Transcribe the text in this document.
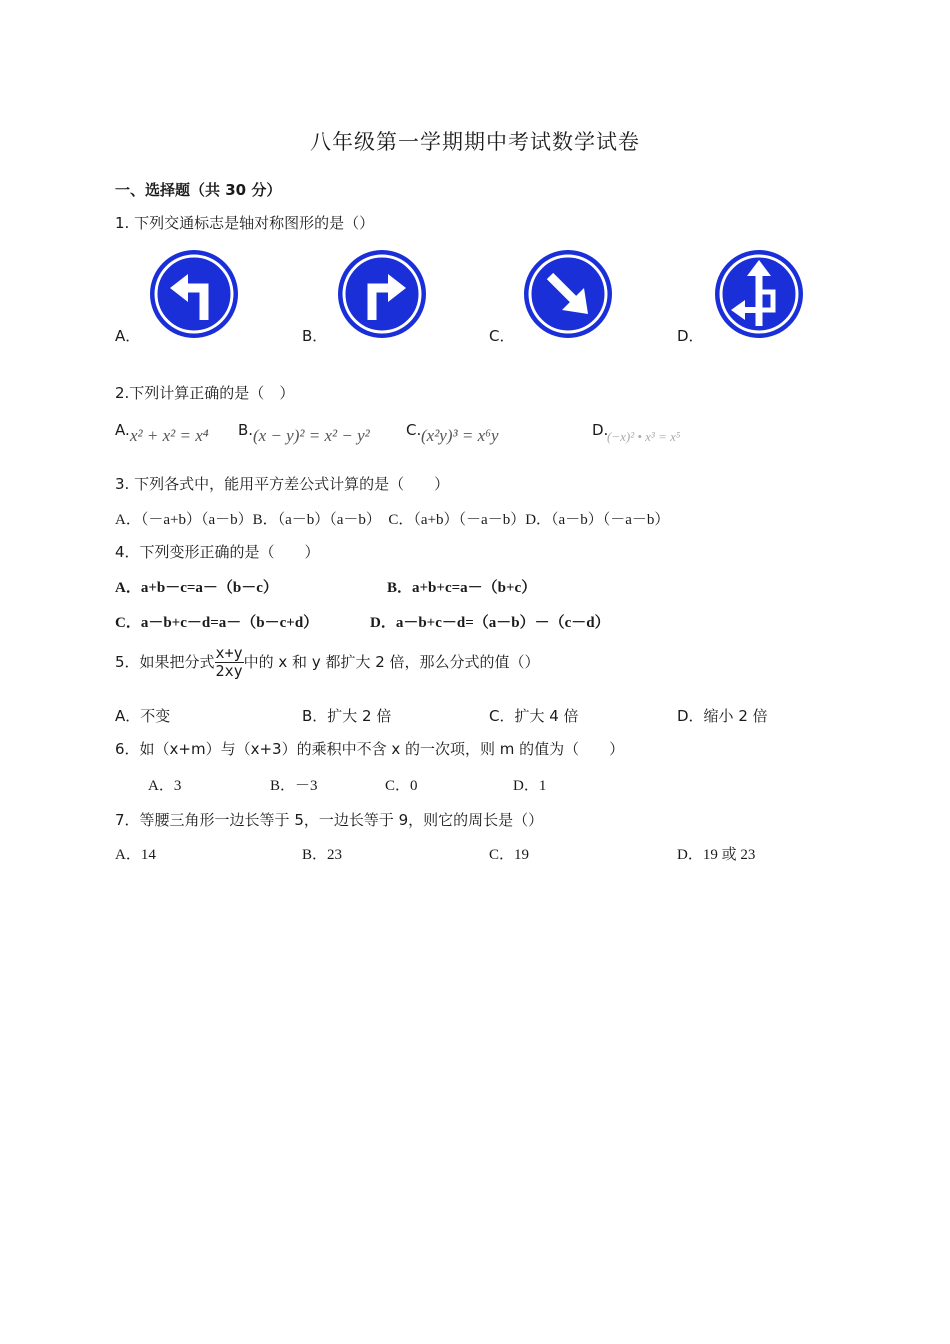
八年级第一学期期中考试数学试卷
一、选择题（共 30 分）
1. 下列交通标志是轴对称图形的是（）
A．	B．	C．	D．
2.下列计算正确的是（　）
A. x² + x² = x⁴ B. (x − y)² = x² − y² C. (x²y)³ = x⁶y	D.
(−x)² • x³ = x⁵
3. 下列各式中，能用平方差公式计算的是（　　）
A．（－a+b）（a－b）B．（a－b）（a－b）　C．（a+b）（－a－b）D．（a－b）（－a－b）
4．下列变形正确的是（　　）
A．a+b－c=a－（b－c）	B．a+b+c=a－（b+c）
C．a－b+c－d=a－（b－c+d）	D．a－b+c－d=（a－b）－（c－d）
5．如果把分式 $\frac{x+y}{2xy}$ 中的 x 和 y 都扩大 2 倍，那么分式的值（）
A．不变	B．扩大 2 倍	C．扩大 4 倍	D．缩小 2 倍
6．如（x+m）与（x+3）的乘积中不含 x 的一次项，则 m 的值为（　　）
A．3	B．－3	C．0	D．1
7．等腰三角形一边长等于 5，一边长等于 9，则它的周长是（）
A．14	B．23	C．19	D．19 或 23
